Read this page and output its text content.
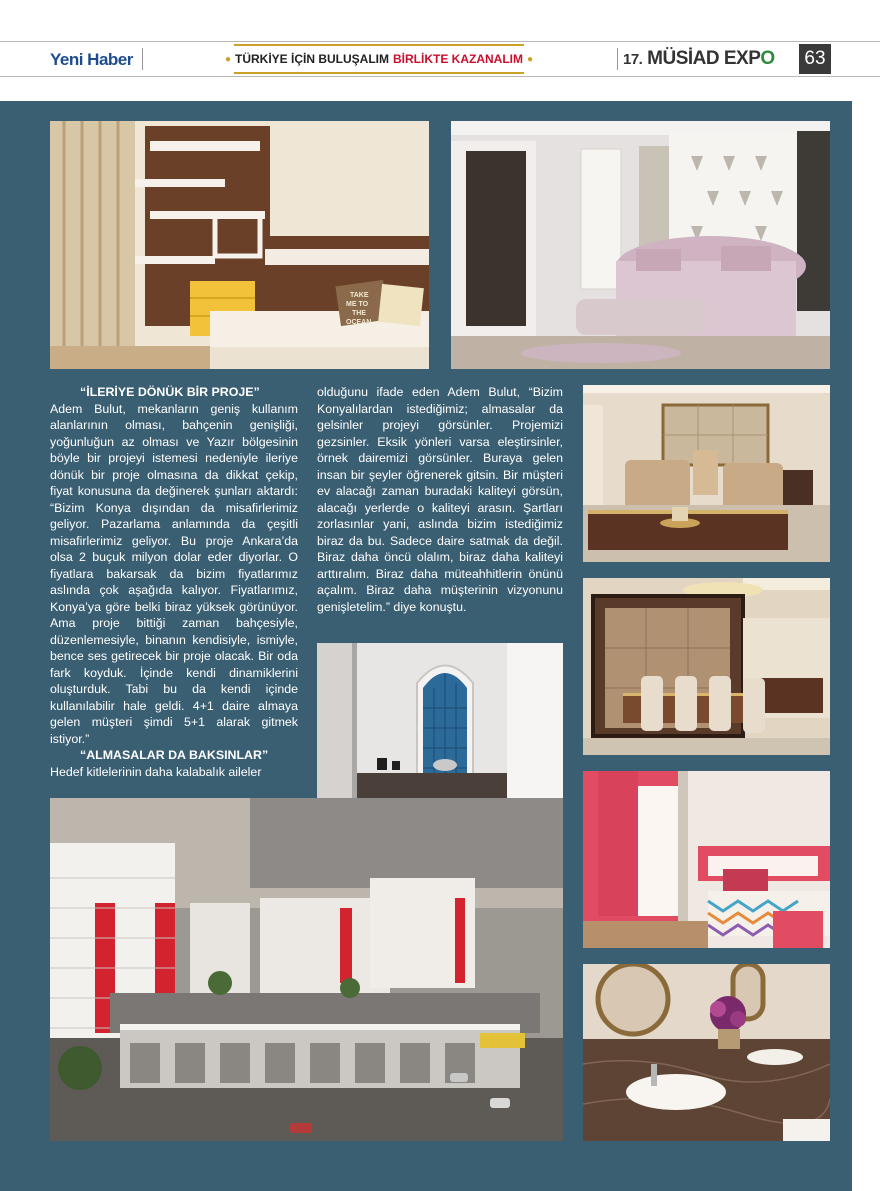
Yeni Haber	● TÜRKİYE İÇİN BULUŞALIM BİRLİKTE KAZANALIM ●	17. MÜSİAD EXPO 63
TAKE
ME TO
THE
OCEAN

“İLERİYE DÖNÜK BİR PROJE”

Adem Bulut, mekanların geniş kullanım alanlarının olması, bahçenin genişliği, yoğunluğun az olması ve Yazır bölgesinin böyle bir projeyi istemesi nedeniyle ileriye dönük bir proje olmasına da dikkat çekip, fiyat konusuna da değinerek şunları aktardı: “Bizim Konya dışından da misafirlerimiz geliyor. Pazarlama anlamında da çeşitli misafirlerimiz geliyor. Bu proje Ankara’da olsa 2 buçuk milyon dolar eder diyorlar. O fiyatlara bakarsak da bizim fiyatlarımız aslında çok aşağıda kalıyor. Fiyatlarımız, Konya’ya göre belki biraz yüksek görünüyor. Ama proje bittiği zaman bahçesiyle, düzenlemesiyle, binanın kendisiyle, ismiyle, bence ses getirecek bir proje olacak. Bir oda fark koyduk. İçinde kendi dinamiklerini oluşturduk. Tabi bu da kendi içinde kullanılabilir hale geldi. 4+1 daire almaya gelen müşteri şimdi 5+1 alarak gitmek istiyor.”

“ALMASALAR DA BAKSINLAR”

Hedef kitlelerinin daha kalabalık aileler

olduğunu ifade eden Adem Bulut, “Bizim Konyalılardan istediğimiz; almasalar da gelsinler projeyi görsünler. Projemizi gezsinler. Eksik yönleri varsa eleştirsinler, örnek dairemizi görsünler. Buraya gelen insan bir şeyler öğrenerek gitsin. Bir müşteri ev alacağı zaman buradaki kaliteyi görsün, alacağı yerlerde o kaliteyi arasın. Şartları zorlasınlar yani, aslında bizim istediğimiz biraz da bu. Sadece daire satmak da değil. Biraz daha öncü olalım, biraz daha kaliteyi arttıralım. Biraz daha müteahhitlerin önünü açalım. Biraz daha müşterinin vizyonunu genişletelim.” diye konuştu.
